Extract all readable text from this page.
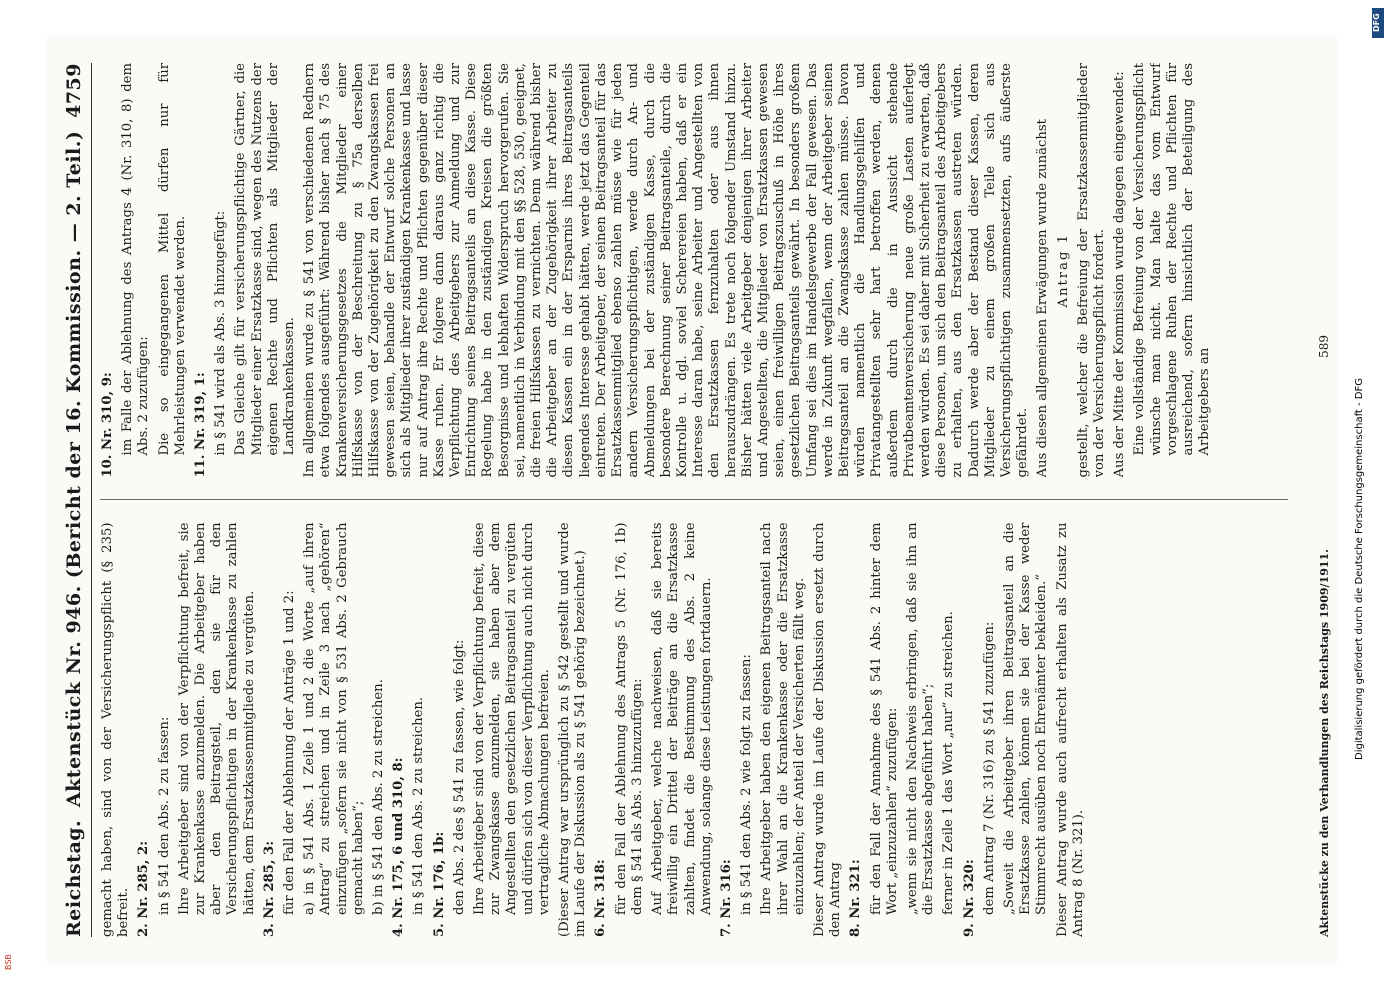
Reichstag.
Aktenstück Nr. 946. (Bericht der 16. Kommission. — 2. Teil.)
4759

gemacht haben, sind von der Versicherungspflicht (§ 235) befreit. 2. Nr. 285, 2: in § 541 den Abs. 2 zu fassen: Ihre Arbeitgeber sind von der Verpflichtung befreit, sie zur Krankenkasse anzumelden. Die Arbeitgeber haben aber den Beitragsteil, den sie für den Versicherungspflichtigen in der Krankenkasse zu zahlen hätten, dem Ersatzkassenmitgliede zu vergüten. 3. Nr. 285, 3: für den Fall der Ablehnung der Anträge 1 und 2: a) in § 541 Abs. 1 Zeile 1 und 2 die Worte „auf ihren Antrag“ zu streichen und in Zeile 3 nach „gehören“ einzufügen „sofern sie nicht von § 531 Abs. 2 Gebrauch gemacht haben“; b) in § 541 den Abs. 2 zu streichen. 4. Nr. 175, 6 und 310, 8: in § 541 den Abs. 2 zu streichen. 5. Nr. 176, 1b: den Abs. 2 des § 541 zu fassen, wie folgt: Ihre Arbeitgeber sind von der Verpflichtung befreit, diese zur Zwangskasse anzumelden, sie haben aber dem Angestellten den gesetzlichen Beitragsanteil zu vergüten und dürfen sich von dieser Verpflichtung auch nicht durch vertragliche Abmachungen befreien. (Dieser Antrag war ursprünglich zu § 542 gestellt und wurde im Laufe der Diskussion als zu § 541 gehörig bezeichnet.) 6. Nr. 318: für den Fall der Ablehnung des Antrags 5 (Nr. 176, 1b) dem § 541 als Abs. 3 hinzuzufügen: Auf Arbeitgeber, welche nachweisen, daß sie bereits freiwillig ein Drittel der Beiträge an die Ersatzkasse zahlten, findet die Bestimmung des Abs. 2 keine Anwendung, solange diese Leistungen fortdauern. 7. Nr. 316: in § 541 den Abs. 2 wie folgt zu fassen: Ihre Arbeitgeber haben den eigenen Beitragsanteil nach ihrer Wahl an die Krankenkasse oder die Ersatzkasse einzuzahlen; der Anteil der Versicherten fällt weg. Dieser Antrag wurde im Laufe der Diskussion ersetzt durch den Antrag 8. Nr. 321: für den Fall der Annahme des § 541 Abs. 2 hinter dem Wort „einzuzahlen“ zuzufügen: „wenn sie nicht den Nachweis erbringen, daß sie ihn an die Ersatzkasse abgeführt haben“; ferner in Zeile 1 das Wort „nur“ zu streichen. 9. Nr. 320: dem Antrag 7 (Nr. 316) zu § 541 zuzufügen: „Soweit die Arbeitgeber ihren Beitragsanteil an die Ersatzkasse zahlen, können sie bei der Kasse weder Stimmrecht ausüben noch Ehrenämter bekleiden.“ Dieser Antrag wurde auch aufrecht erhalten als Zusatz zu Antrag 8 (Nr. 321).

10. Nr. 310, 9: im Falle der Ablehnung des Antrags 4 (Nr. 310, 8) dem Abs. 2 zuzufügen: Die so eingegangenen Mittel dürfen nur für Mehrleistungen verwendet werden. 11. Nr. 319, 1: in § 541 wird als Abs. 3 hinzugefügt: Das Gleiche gilt für versicherungspflichtige Gärtner, die Mitglieder einer Ersatzkasse sind, wegen des Nutzens der eigenen Rechte und Pflichten als Mitglieder der Landkrankenkassen. Im allgemeinen wurde zu § 541 von verschiedenen Rednern etwa folgendes ausgeführt: Während bisher nach § 75 des Krankenversicherungsgesetzes die Mitglieder einer Hilfskasse von der Beschreitung zu § 75a derselben Hilfskasse von der Zugehörigkeit zu den Zwangskassen frei gewesen seien, behandle der Entwurf solche Personen an sich als Mitglieder ihrer zuständigen Krankenkasse und lasse nur auf Antrag ihre Rechte und Pflichten gegenüber dieser Kasse ruhen. Er folgere dann daraus ganz richtig die Verpflichtung des Arbeitgebers zur Anmeldung und zur Entrichtung seines Beitragsanteils an diese Kasse. Diese Regelung habe in den zuständigen Kreisen die größten Besorgnisse und lebhaften Widerspruch hervorgerufen. Sie sei, namentlich in Verbindung mit den §§ 528, 530, geeignet, die freien Hilfskassen zu vernichten. Denn während bisher die Arbeitgeber an der Zugehörigkeit ihrer Arbeiter zu diesen Kassen ein in der Ersparnis ihres Beitragsanteils liegendes Interesse gehabt hätten, werde jetzt das Gegenteil eintreten. Der Arbeitgeber, der seinen Beitragsanteil für das Ersatzkassenmitglied ebenso zahlen müsse wie für jeden andern Versicherungspflichtigen, werde durch An- und Abmeldungen bei der zuständigen Kasse, durch die besondere Berechnung seiner Beitragsanteile, durch die Kontrolle u. dgl. soviel Scherereien haben, daß er ein Interesse daran habe, seine Arbeiter und Angestellten von den Ersatzkassen fernzuhalten oder aus ihnen herauszudrängen. Es trete noch folgender Umstand hinzu. Bisher hätten viele Arbeitgeber denjenigen ihrer Arbeiter und Angestellten, die Mitglieder von Ersatzkassen gewesen seien, einen freiwilligen Beitragszuschuß in Höhe ihres gesetzlichen Beitragsanteils gewährt. In besonders großem Umfang sei dies im Handelsgewerbe der Fall gewesen. Das werde in Zukunft wegfallen, wenn der Arbeitgeber seinen Beitragsanteil an die Zwangskasse zahlen müsse. Davon würden namentlich die Handlungsgehilfen und Privatangestellten sehr hart betroffen werden, denen außerdem durch die in Aussicht stehende Privatbeamtenversicherung neue große Lasten auferlegt werden würden. Es sei daher mit Sicherheit zu erwarten, daß diese Personen, um sich den Beitragsanteil des Arbeitgebers zu erhalten, aus den Ersatzkassen austreten würden. Dadurch werde aber der Bestand dieser Kassen, deren Mitglieder zu einem großen Teile sich aus Versicherungspflichtigen zusammensetzten, aufs äußerste gefährdet. Aus diesen allgemeinen Erwägungen wurde zunächst Antrag 1 gestellt, welcher die Befreiung der Ersatzkassenmitglieder von der Versicherungspflicht fordert. Aus der Mitte der Kommission wurde dagegen eingewendet: Eine vollständige Befreiung von der Versicherungspflicht wünsche man nicht. Man halte das vom Entwurf vorgeschlagene Ruhen der Rechte und Pflichten für ausreichend, sofern hinsichtlich der Beteiligung des Arbeitgebers an

Aktenstücke zu den Verhandlungen des Reichstags 1909/1911.
589
DFG
Digitalisierung gefördert durch die Deutsche Forschungsgemeinschaft - DFG
BSB
